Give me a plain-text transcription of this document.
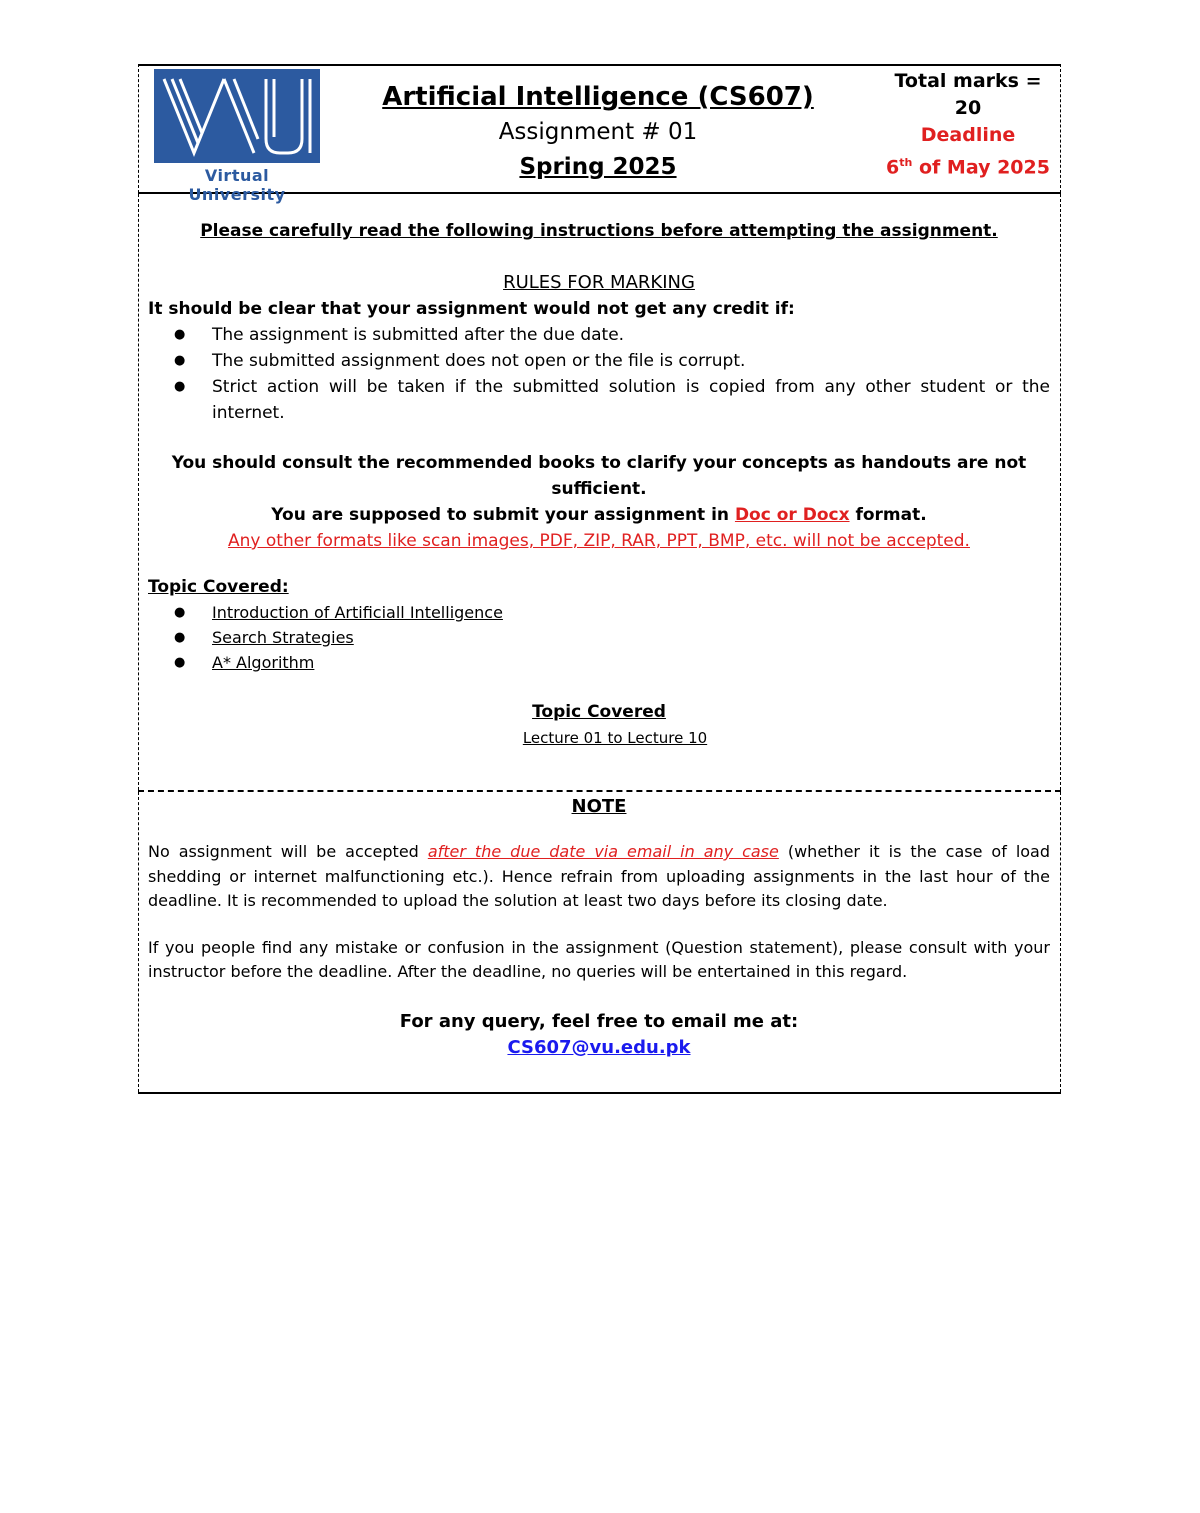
Virtual University
Artificial Intelligence (CS607)
Assignment # 01
Spring 2025
Total marks = 20
Deadline
6th of May 2025
Please carefully read the following instructions before attempting the assignment.
RULES FOR MARKING
It should be clear that your assignment would not get any credit if:
● The assignment is submitted after the due date.
● The submitted assignment does not open or the file is corrupt.
● Strict action will be taken if the submitted solution is copied from any other student or the internet.
You should consult the recommended books to clarify your concepts as handouts are not sufficient.
You are supposed to submit your assignment in Doc or Docx format.
Any other formats like scan images, PDF, ZIP, RAR, PPT, BMP, etc. will not be accepted.
Topic Covered:
● Introduction of Artificiall Intelligence
● Search Strategies
● A* Algorithm
Topic Covered
Lecture 01 to Lecture 10
NOTE
No assignment will be accepted after the due date via email in any case (whether it is the case of load shedding or internet malfunctioning etc.). Hence refrain from uploading assignments in the last hour of the deadline. It is recommended to upload the solution at least two days before its closing date.
If you people find any mistake or confusion in the assignment (Question statement), please consult with your instructor before the deadline. After the deadline, no queries will be entertained in this regard.
For any query, feel free to email me at:
CS607@vu.edu.pk
